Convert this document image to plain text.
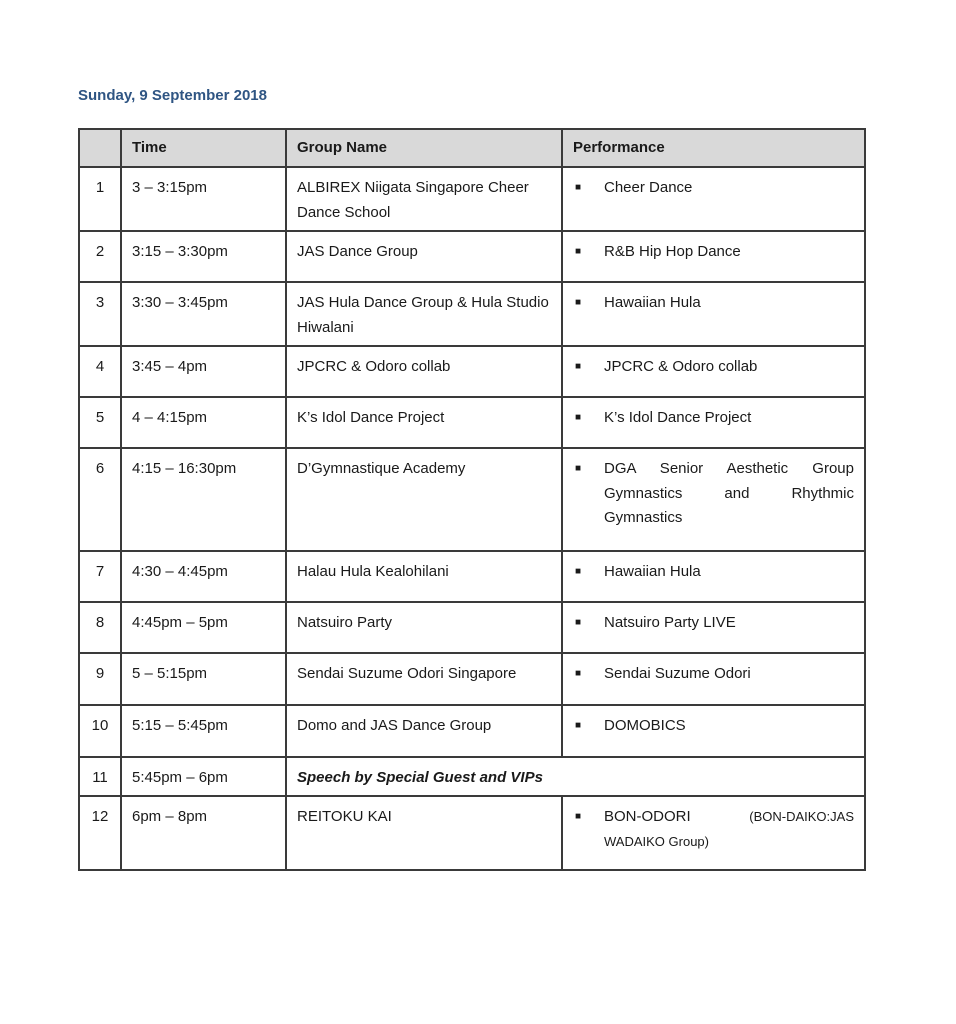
Sunday, 9 September 2018
	Time	Group Name	Performance
1	3 – 3:15pm	ALBIREX Niigata Singapore Cheer Dance School	■ Cheer Dance

2	3:15 – 3:30pm	JAS Dance Group	■ R&B Hip Hop Dance

3	3:30 – 3:45pm	JAS Hula Dance Group & Hula Studio Hiwalani	■ Hawaiian Hula

4	3:45 – 4pm	JPCRC & Odoro collab	■ JPCRC & Odoro collab

5	4 – 4:15pm	K’s Idol Dance Project	■ K’s Idol Dance Project

6	4:15 – 16:30pm	D’Gymnastique Academy	■ DGA Senior Aesthetic Group Gymnastics and Rhythmic Gymnastics

7	4:30 – 4:45pm	Halau Hula Kealohilani	■ Hawaiian Hula

8	4:45pm – 5pm	Natsuiro Party	■ Natsuiro Party LIVE

9	5 – 5:15pm	Sendai Suzume Odori Singapore	■ Sendai Suzume Odori

10	5:15 – 5:45pm	Domo and JAS Dance Group	■ DOMOBICS

11	5:45pm – 6pm	Speech by Special Guest and VIPs	
12	6pm – 8pm	REITOKU KAI	■ BON-ODORI (BON-DAIKO:JAS WADAIKO Group)
